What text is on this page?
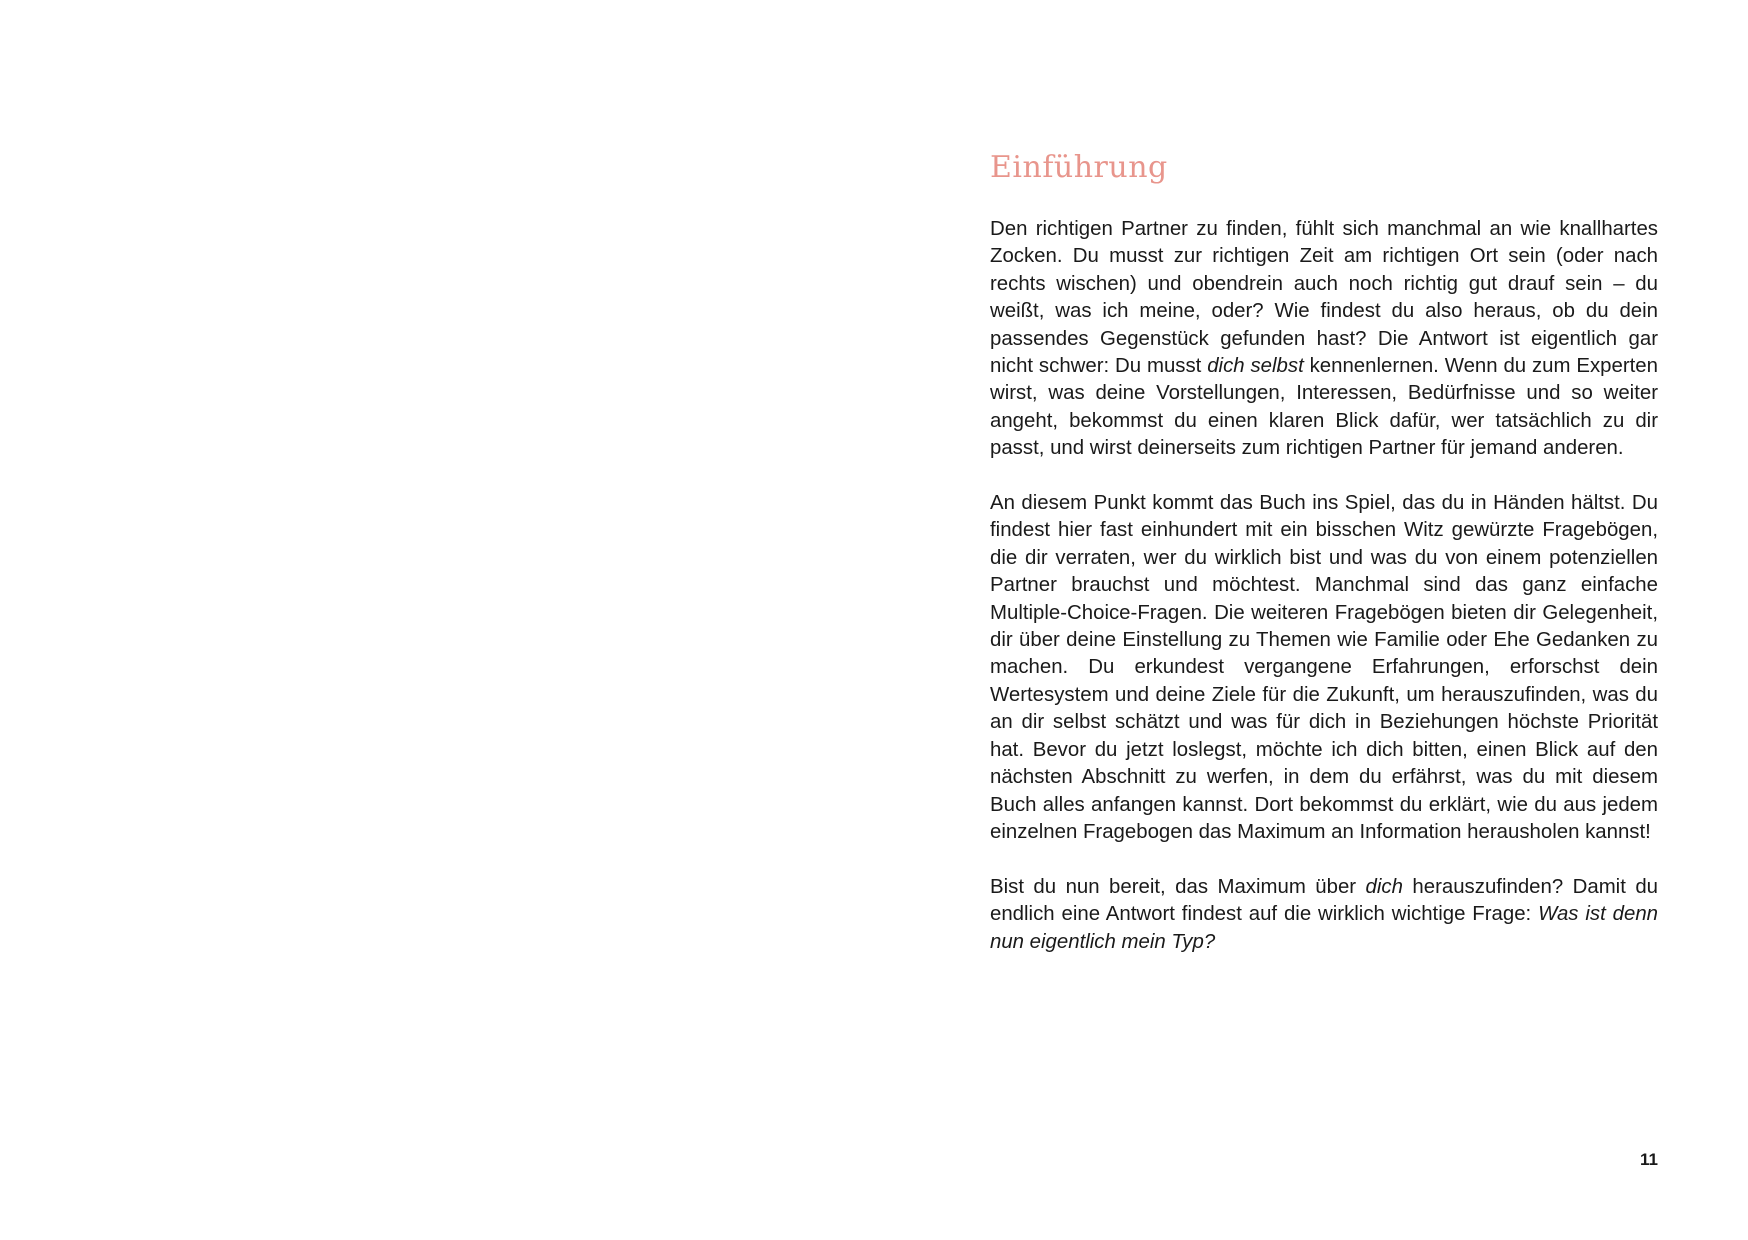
Einführung

Den richtigen Partner zu finden, fühlt sich manchmal an wie knallhartes Zocken. Du musst zur richtigen Zeit am richtigen Ort sein (oder nach rechts wischen) und obendrein auch noch richtig gut drauf sein – du weißt, was ich meine, oder? Wie findest du also heraus, ob du dein passendes Gegenstück gefunden hast? Die Antwort ist eigentlich gar nicht schwer: Du musst dich selbst kennenlernen. Wenn du zum Experten wirst, was deine Vorstellungen, Interessen, Bedürfnisse und so weiter angeht, bekommst du einen klaren Blick dafür, wer tatsächlich zu dir passt, und wirst deinerseits zum richtigen Partner für jemand anderen.

An diesem Punkt kommt das Buch ins Spiel, das du in Händen hältst. Du findest hier fast einhundert mit ein bisschen Witz gewürzte Fragebögen, die dir verraten, wer du wirklich bist und was du von einem potenziellen Partner brauchst und möchtest. Manchmal sind das ganz einfache Multiple-Choice-Fragen. Die weiteren Fragebögen bieten dir Gelegenheit, dir über deine Einstellung zu Themen wie Familie oder Ehe Gedanken zu machen. Du erkundest vergangene Erfahrungen, erforschst dein Wertesystem und deine Ziele für die Zukunft, um herauszufinden, was du an dir selbst schätzt und was für dich in Beziehungen höchste Priorität hat. Bevor du jetzt loslegst, möchte ich dich bitten, einen Blick auf den nächsten Abschnitt zu werfen, in dem du erfährst, was du mit diesem Buch alles anfangen kannst. Dort bekommst du erklärt, wie du aus jedem einzelnen Fragebogen das Maximum an Information herausholen kannst!

Bist du nun bereit, das Maximum über dich herauszufinden? Damit du endlich eine Antwort findest auf die wirklich wichtige Frage: Was ist denn nun eigentlich mein Typ?

11
